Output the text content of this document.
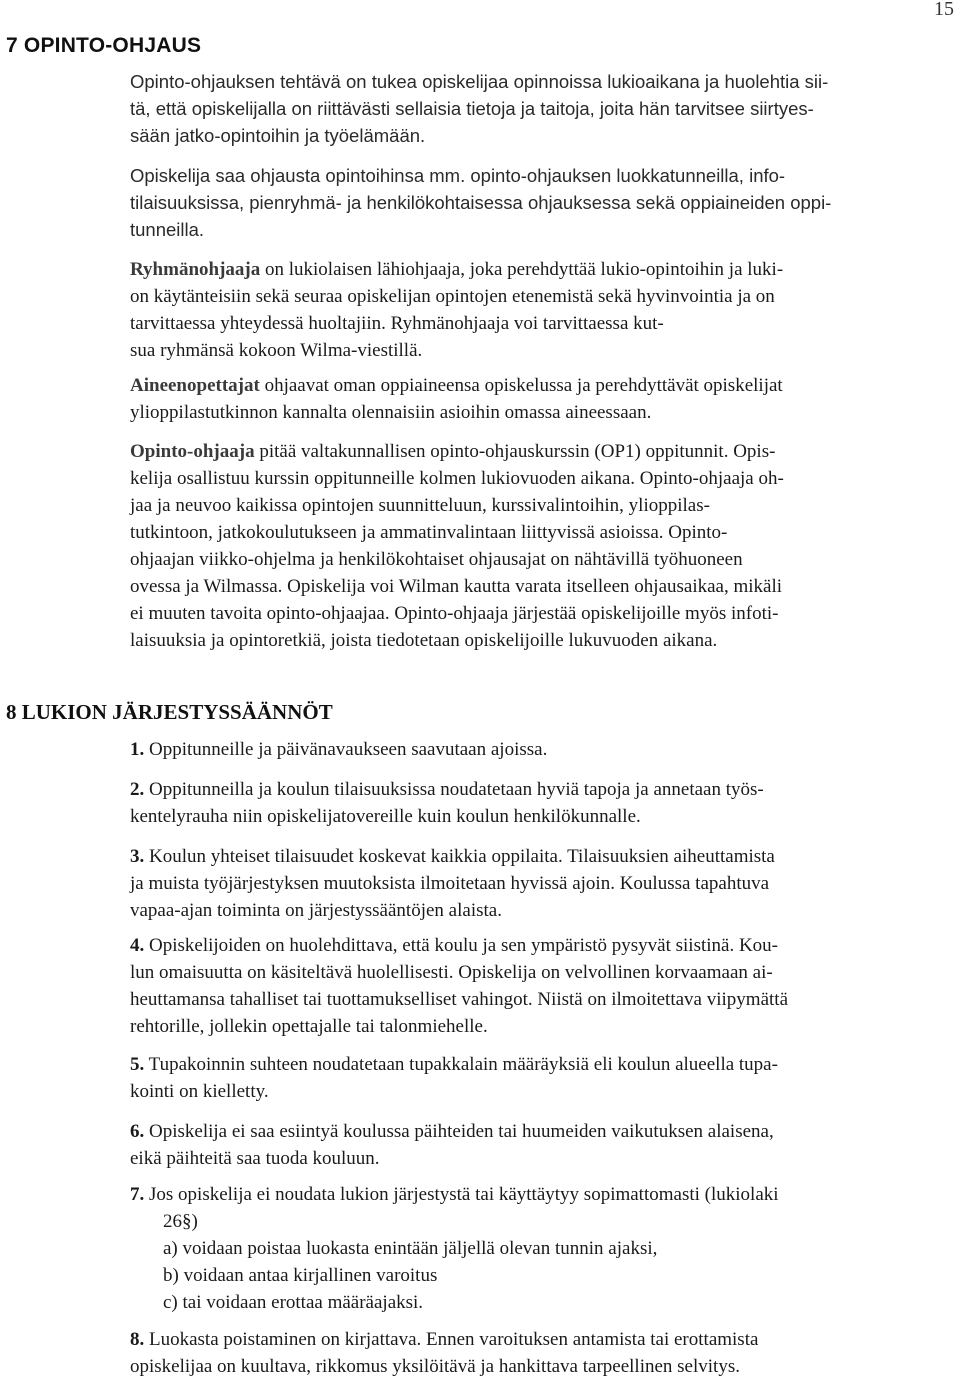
15
7 OPINTO-OHJAUS

Opinto-ohjauksen tehtävä on tukea opiskelijaa opinnoissa lukioaikana ja huolehtia sii-
tä, että opiskelijalla on riittävästi sellaisia tietoja ja taitoja, joita hän tarvitsee siirtyes-
sään jatko-opintoihin ja työelämään.

Opiskelija saa ohjausta opintoihinsa mm. opinto-ohjauksen luokkatunneilla, info-
tilaisuuksissa, pienryhmä- ja henkilökohtaisessa ohjauksessa sekä oppiaineiden oppi-
tunneilla.

Ryhmänohjaaja on lukiolaisen lähiohjaaja, joka perehdyttää lukio-opintoihin ja luki-
on käytänteisiin sekä seuraa opiskelijan opintojen etenemistä sekä hyvinvointia ja on
tarvittaessa yhteydessä huoltajiin. Ryhmänohjaaja voi tarvittaessa kut-
sua ryhmänsä kokoon Wilma-viestillä.

Aineenopettajat ohjaavat oman oppiaineensa opiskelussa ja perehdyttävät opiskelijat
ylioppilastutkinnon kannalta olennaisiin asioihin omassa aineessaan.

Opinto-ohjaaja pitää valtakunnallisen opinto-ohjauskurssin (OP1) oppitunnit. Opis-
kelija osallistuu kurssin oppitunneille kolmen lukiovuoden aikana. Opinto-ohjaaja oh-
jaa ja neuvoo kaikissa opintojen suunnitteluun, kurssivalintoihin, ylioppilas-
tutkintoon, jatkokoulutukseen ja ammatinvalintaan liittyvissä asioissa. Opinto-
ohjaajan viikko-ohjelma ja henkilökohtaiset ohjausajat on nähtävillä työhuoneen
ovessa ja Wilmassa. Opiskelija voi Wilman kautta varata itselleen ohjausaikaa, mikäli
ei muuten tavoita opinto-ohjaajaa. Opinto-ohjaaja järjestää opiskelijoille myös infoti-
laisuuksia ja opintoretkiä, joista tiedotetaan opiskelijoille lukuvuoden aikana.

8 LUKION JÄRJESTYSSÄÄNNÖT

1. Oppitunneille ja päivänavaukseen saavutaan ajoissa.

2. Oppitunneilla ja koulun tilaisuuksissa noudatetaan hyviä tapoja ja annetaan työs-
kentelyrauha niin opiskelijatovereille kuin koulun henkilökunnalle.

3. Koulun yhteiset tilaisuudet koskevat kaikkia oppilaita. Tilaisuuksien aiheuttamista
ja muista työjärjestyksen muutoksista ilmoitetaan hyvissä ajoin. Koulussa tapahtuva
vapaa-ajan toiminta on järjestyssääntöjen alaista.

4. Opiskelijoiden on huolehdittava, että koulu ja sen ympäristö pysyvät siistinä. Kou-
lun omaisuutta on käsiteltävä huolellisesti. Opiskelija on velvollinen korvaamaan ai-
heuttamansa tahalliset tai tuottamukselliset vahingot. Niistä on ilmoitettava viipymättä
rehtorille, jollekin opettajalle tai talonmiehelle.

5. Tupakoinnin suhteen noudatetaan tupakkalain määräyksiä eli koulun alueella tupa-
kointi on kielletty.

6. Opiskelija ei saa esiintyä koulussa päihteiden tai huumeiden vaikutuksen alaisena,
eikä päihteitä saa tuoda kouluun.

7. Jos opiskelija ei noudata lukion järjestystä tai käyttäytyy sopimattomasti (lukiolaki

26§)

a) voidaan poistaa luokasta enintään jäljellä olevan tunnin ajaksi,

b) voidaan antaa kirjallinen varoitus

c) tai voidaan erottaa määräajaksi.

8. Luokasta poistaminen on kirjattava. Ennen varoituksen antamista tai erottamista
opiskelijaa on kuultava, rikkomus yksilöitävä ja hankittava tarpeellinen selvitys.
